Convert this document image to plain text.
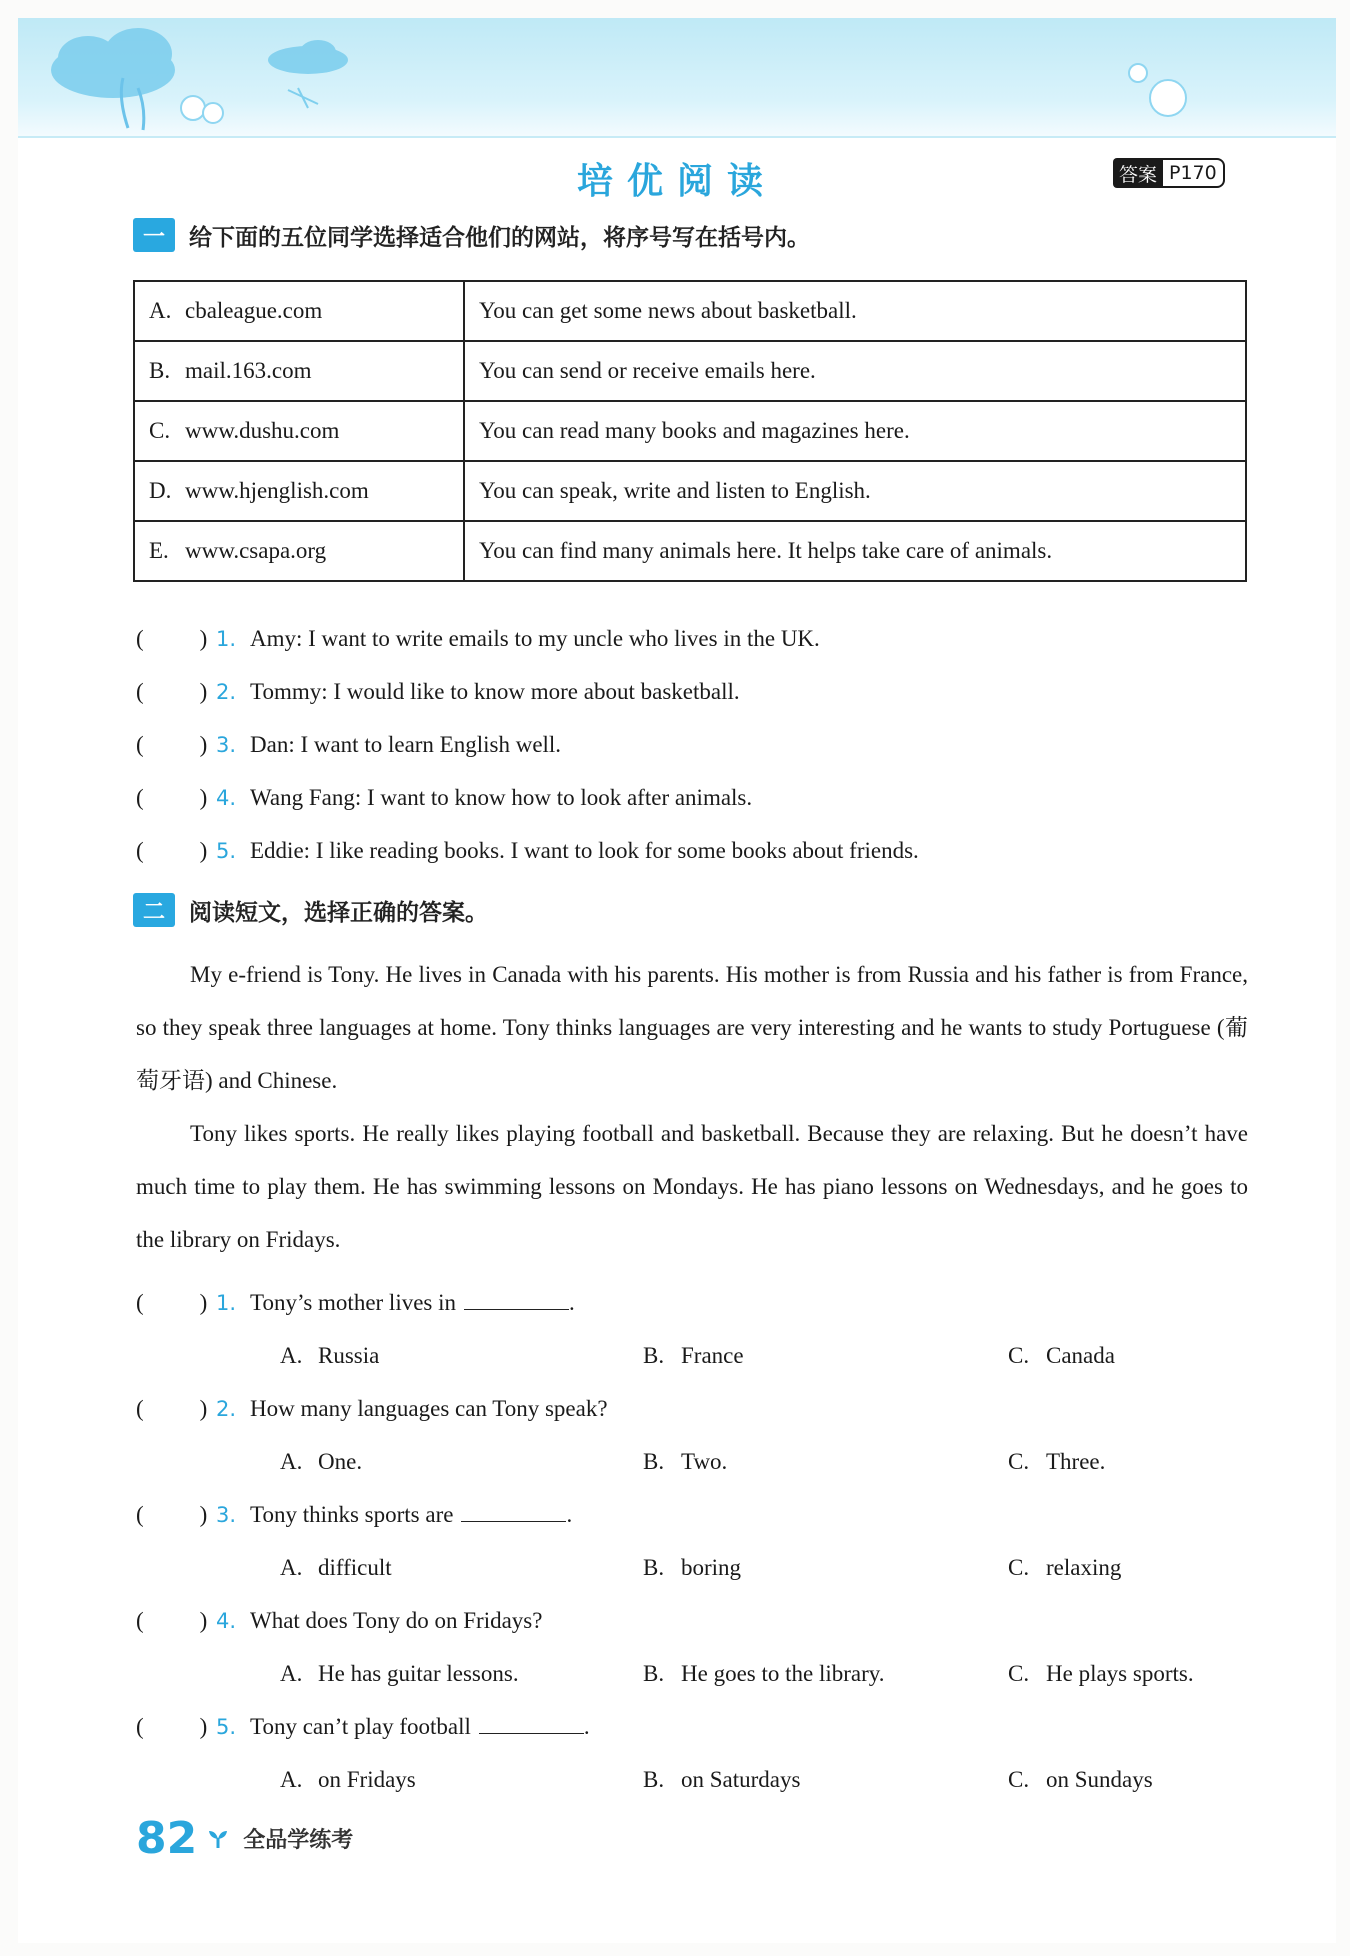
培优阅读	答案 P170
一	给下面的五位同学选择适合他们的网站，将序号写在括号内。
A. cbaleague.com	You can get some news about basketball.
B. mail.163.com	You can send or receive emails here.
C. www.dushu.com	You can read many books and magazines here.
D. www.hjenglish.com	You can speak, write and listen to English.
E. www.csapa.org	You can find many animals here. It helps take care of animals.
( ) 1. Amy: I want to write emails to my uncle who lives in the UK.
( ) 2. Tommy: I would like to know more about basketball.
( ) 3. Dan: I want to learn English well.
( ) 4. Wang Fang: I want to know how to look after animals.
( ) 5. Eddie: I like reading books. I want to look for some books about friends.
二	阅读短文，选择正确的答案。

My e-friend is Tony. He lives in Canada with his parents. His mother is from Russia and his father is from France, so they speak three languages at home. Tony thinks languages are very interesting and he wants to study Portuguese (葡萄牙语) and Chinese.

Tony likes sports. He really likes playing football and basketball. Because they are relaxing. But he doesn’t have much time to play them. He has swimming lessons on Mondays. He has piano lessons on Wednesdays, and he goes to the library on Fridays.

( ) 1. Tony’s mother lives in	.
A. Russia	B. France	C. Canada
( ) 2. How many languages can Tony speak?
A. One.	B. Two.	C. Three.
( ) 3. Tony thinks sports are	.
A. difficult	B. boring	C. relaxing
( ) 4. What does Tony do on Fridays?
A. He has guitar lessons.	B. He goes to the library.	C. He plays sports.
( ) 5. Tony can’t play football	.
A. on Fridays	B. on Saturdays	C. on Sundays
82 全品学练考
